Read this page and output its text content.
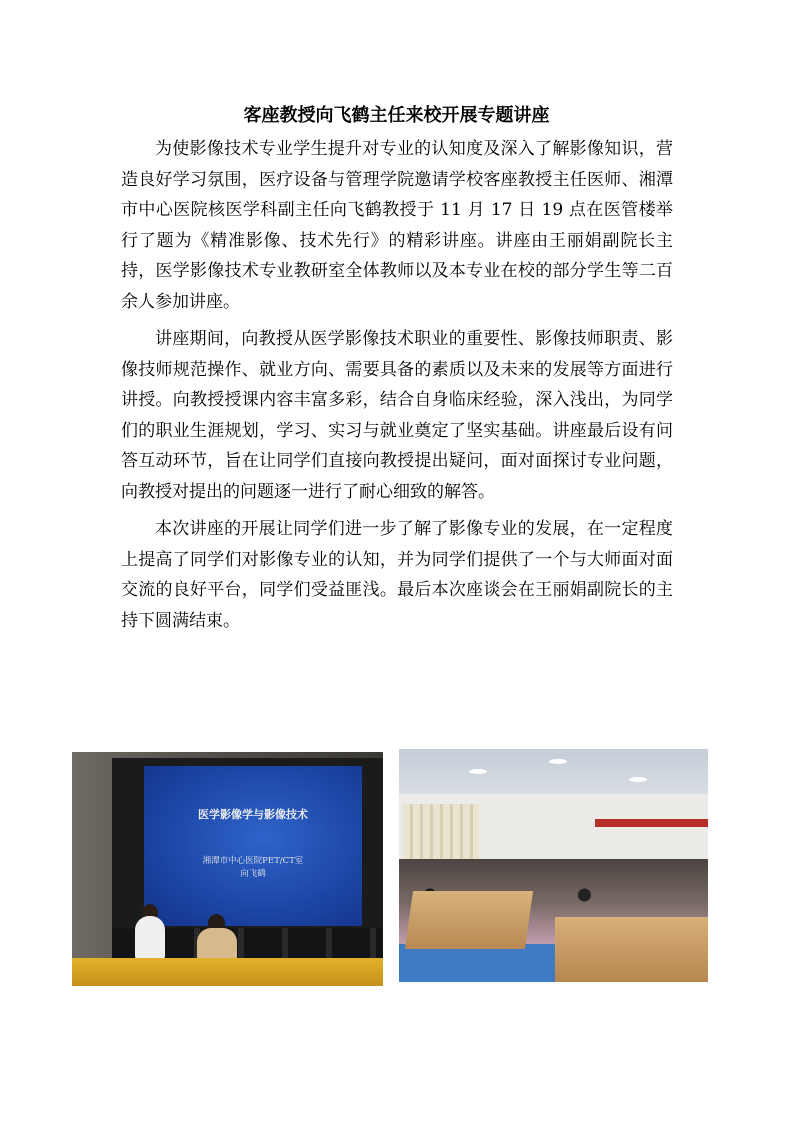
客座教授向飞鹤主任来校开展专题讲座

为使影像技术专业学生提升对专业的认知度及深入了解影像知识，营造良好学习氛围，医疗设备与管理学院邀请学校客座教授主任医师、湘潭市中心医院核医学科副主任向飞鹤教授于 11 月 17 日 19 点在医管楼举行了题为《精准影像、技术先行》的精彩讲座。讲座由王丽娟副院长主持，医学影像技术专业教研室全体教师以及本专业在校的部分学生等二百余人参加讲座。

讲座期间，向教授从医学影像技术职业的重要性、影像技师职责、影像技师规范操作、就业方向、需要具备的素质以及未来的发展等方面进行讲授。向教授授课内容丰富多彩，结合自身临床经验，深入浅出，为同学们的职业生涯规划，学习、实习与就业奠定了坚实基础。讲座最后设有问答互动环节，旨在让同学们直接向教授提出疑问，面对面探讨专业问题，向教授对提出的问题逐一进行了耐心细致的解答。

本次讲座的开展让同学们进一步了解了影像专业的发展，在一定程度上提高了同学们对影像专业的认知，并为同学们提供了一个与大师面对面交流的良好平台，同学们受益匪浅。最后本次座谈会在王丽娟副院长的主持下圆满结束。

医学影像学与影像技术
湘潭市中心医院PET/CT室
向飞鹤
